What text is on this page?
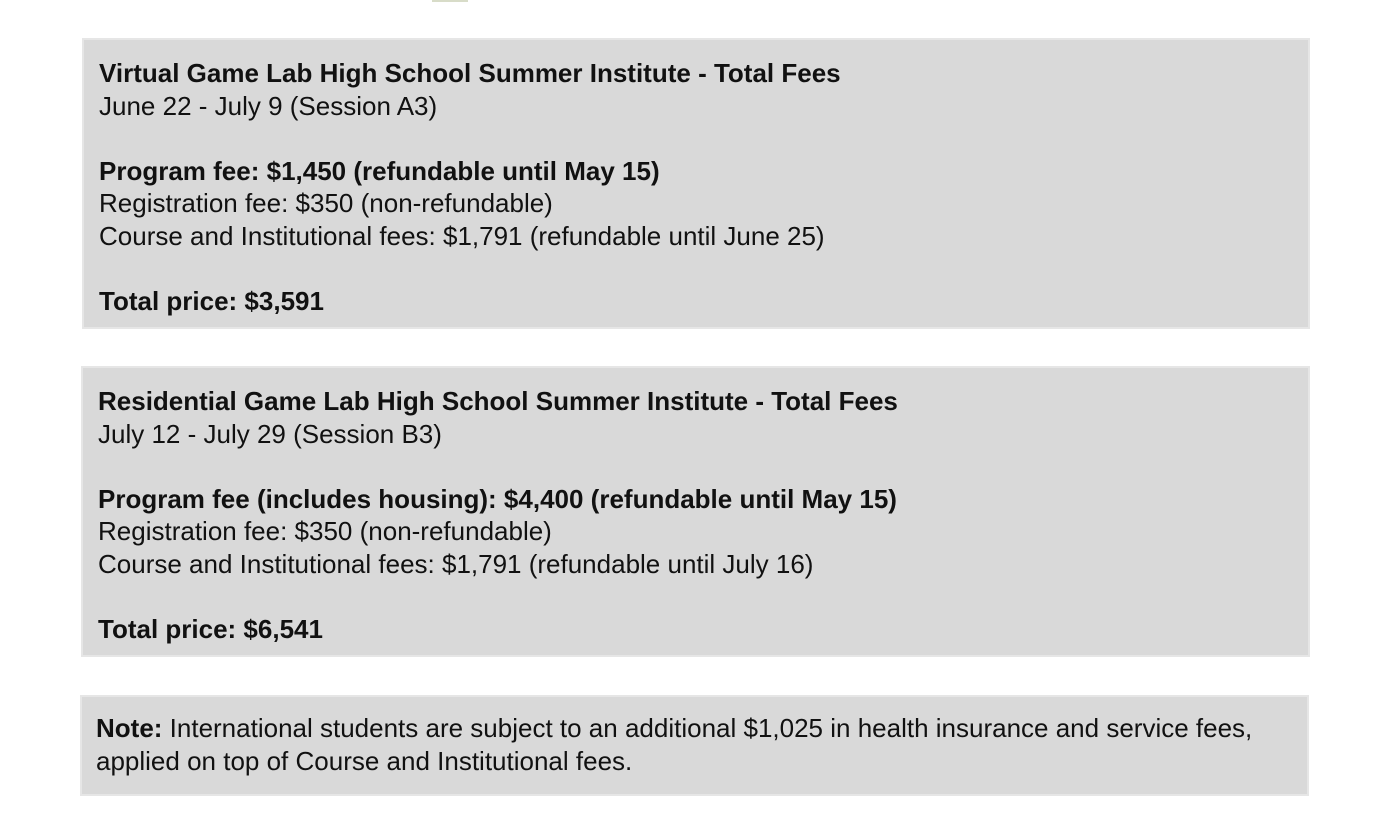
Virtual Game Lab High School Summer Institute - Total Fees

June 22 - July 9 (Session A3)

Program fee: $1,450 (refundable until May 15)

Registration fee: $350 (non-refundable)

Course and Institutional fees: $1,791 (refundable until June 25)

Total price: $3,591

Residential Game Lab High School Summer Institute - Total Fees

July 12 - July 29 (Session B3)

Program fee (includes housing): $4,400 (refundable until May 15)

Registration fee: $350 (non-refundable)

Course and Institutional fees: $1,791 (refundable until July 16)

Total price: $6,541

Note: International students are subject to an additional $1,025 in health insurance and service fees, applied on top of Course and Institutional fees.
